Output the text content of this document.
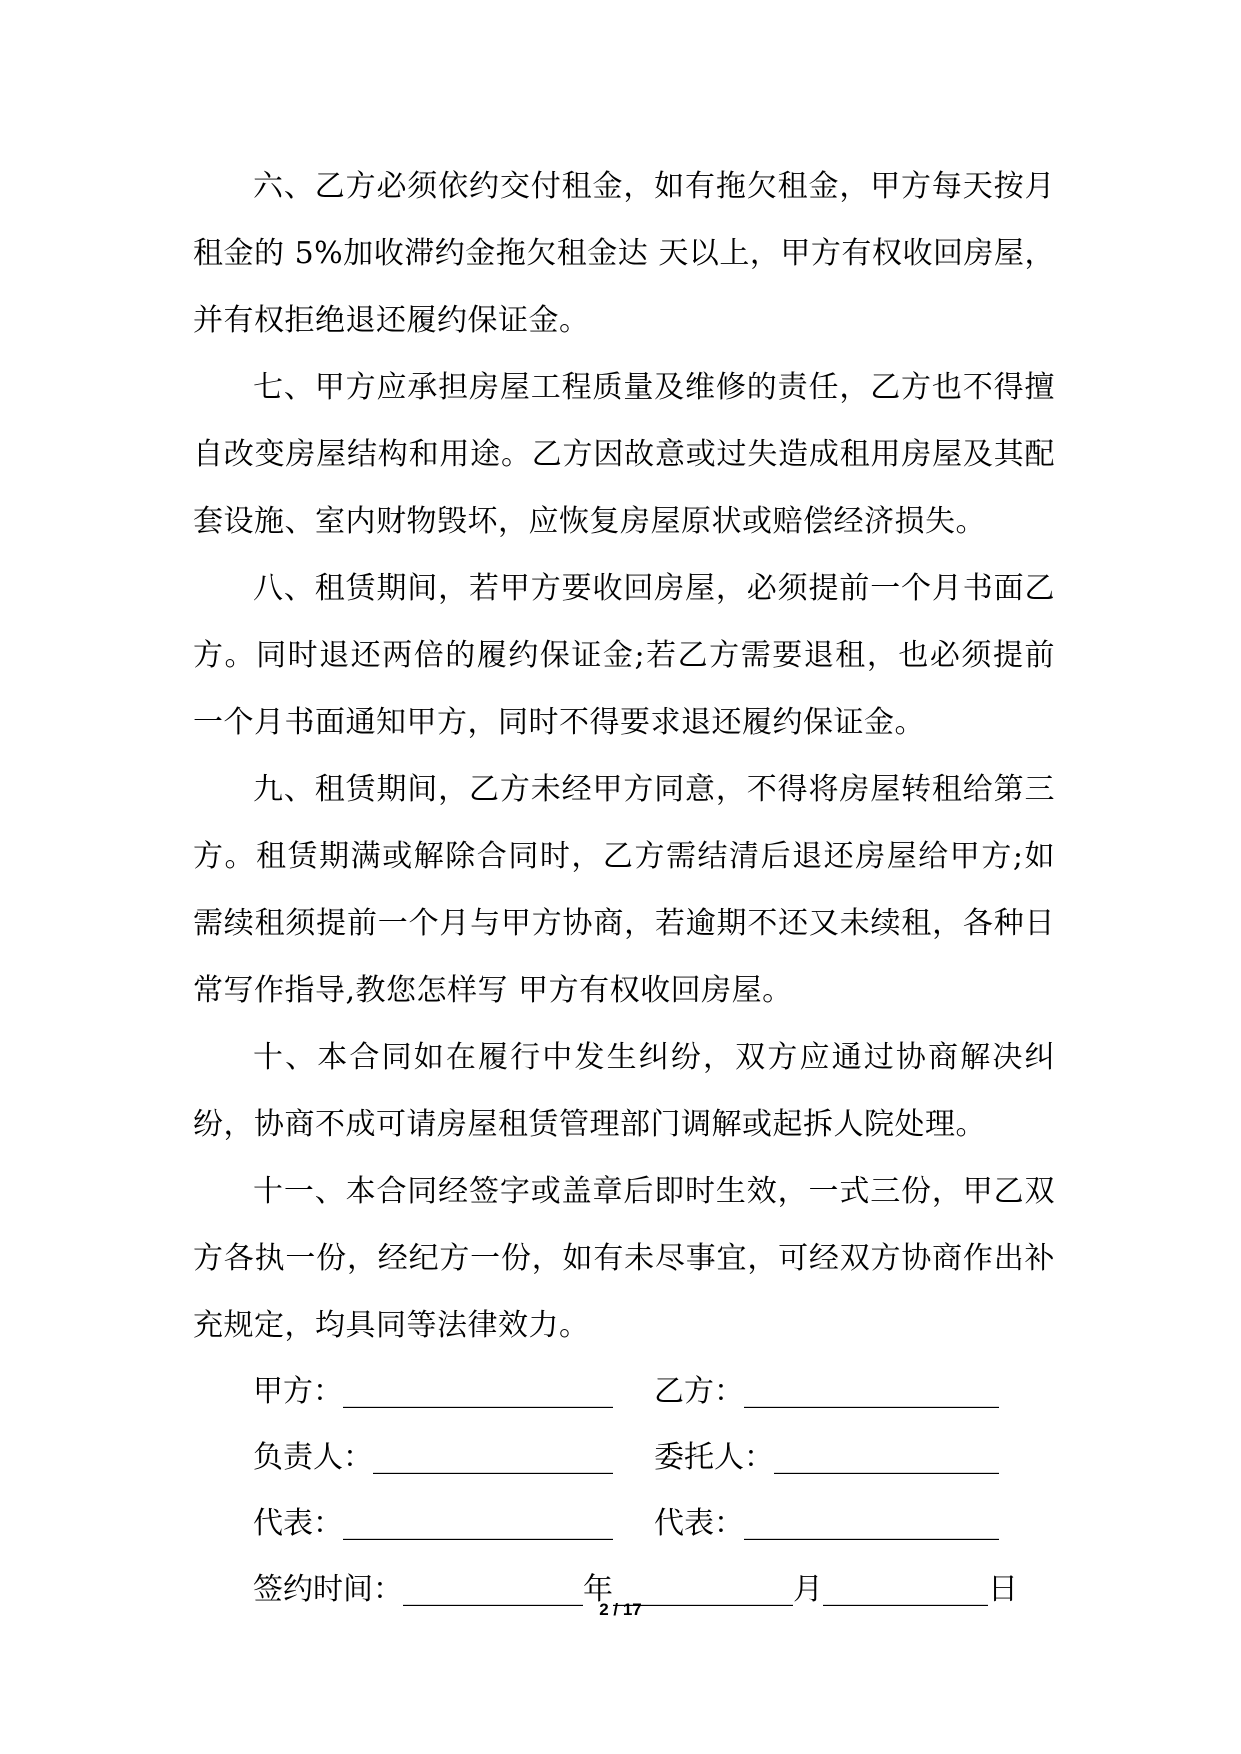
六、乙方必须依约交付租金，如有拖欠租金，甲方每天按月租金的 5%加收滞约金拖欠租金达 天以上，甲方有权收回房屋，并有权拒绝退还履约保证金。

七、甲方应承担房屋工程质量及维修的责任，乙方也不得擅自改变房屋结构和用途。乙方因故意或过失造成租用房屋及其配套设施、室内财物毁坏，应恢复房屋原状或赔偿经济损失。

八、租赁期间，若甲方要收回房屋，必须提前一个月书面乙方。同时退还两倍的履约保证金;若乙方需要退租，也必须提前一个月书面通知甲方，同时不得要求退还履约保证金。

九、租赁期间，乙方未经甲方同意，不得将房屋转租给第三方。租赁期满或解除合同时，乙方需结清后退还房屋给甲方;如需续租须提前一个月与甲方协商，若逾期不还又未续租，各种日常写作指导,教您怎样写 甲方有权收回房屋。

十、本合同如在履行中发生纠纷，双方应通过协商解决纠纷，协商不成可请房屋租赁管理部门调解或起拆人院处理。

十一、本合同经签字或盖章后即时生效，一式三份，甲乙双方各执一份，经纪方一份，如有未尽事宜，可经双方协商作出补充规定，均具同等法律效力。

甲方： __________________ 乙方： _________________
负责人： ________________ 委托人： _______________
代表： __________________ 代表： _________________
签约时间： ____________ 年 ____________ 月 ___________ 日
2 / 17
